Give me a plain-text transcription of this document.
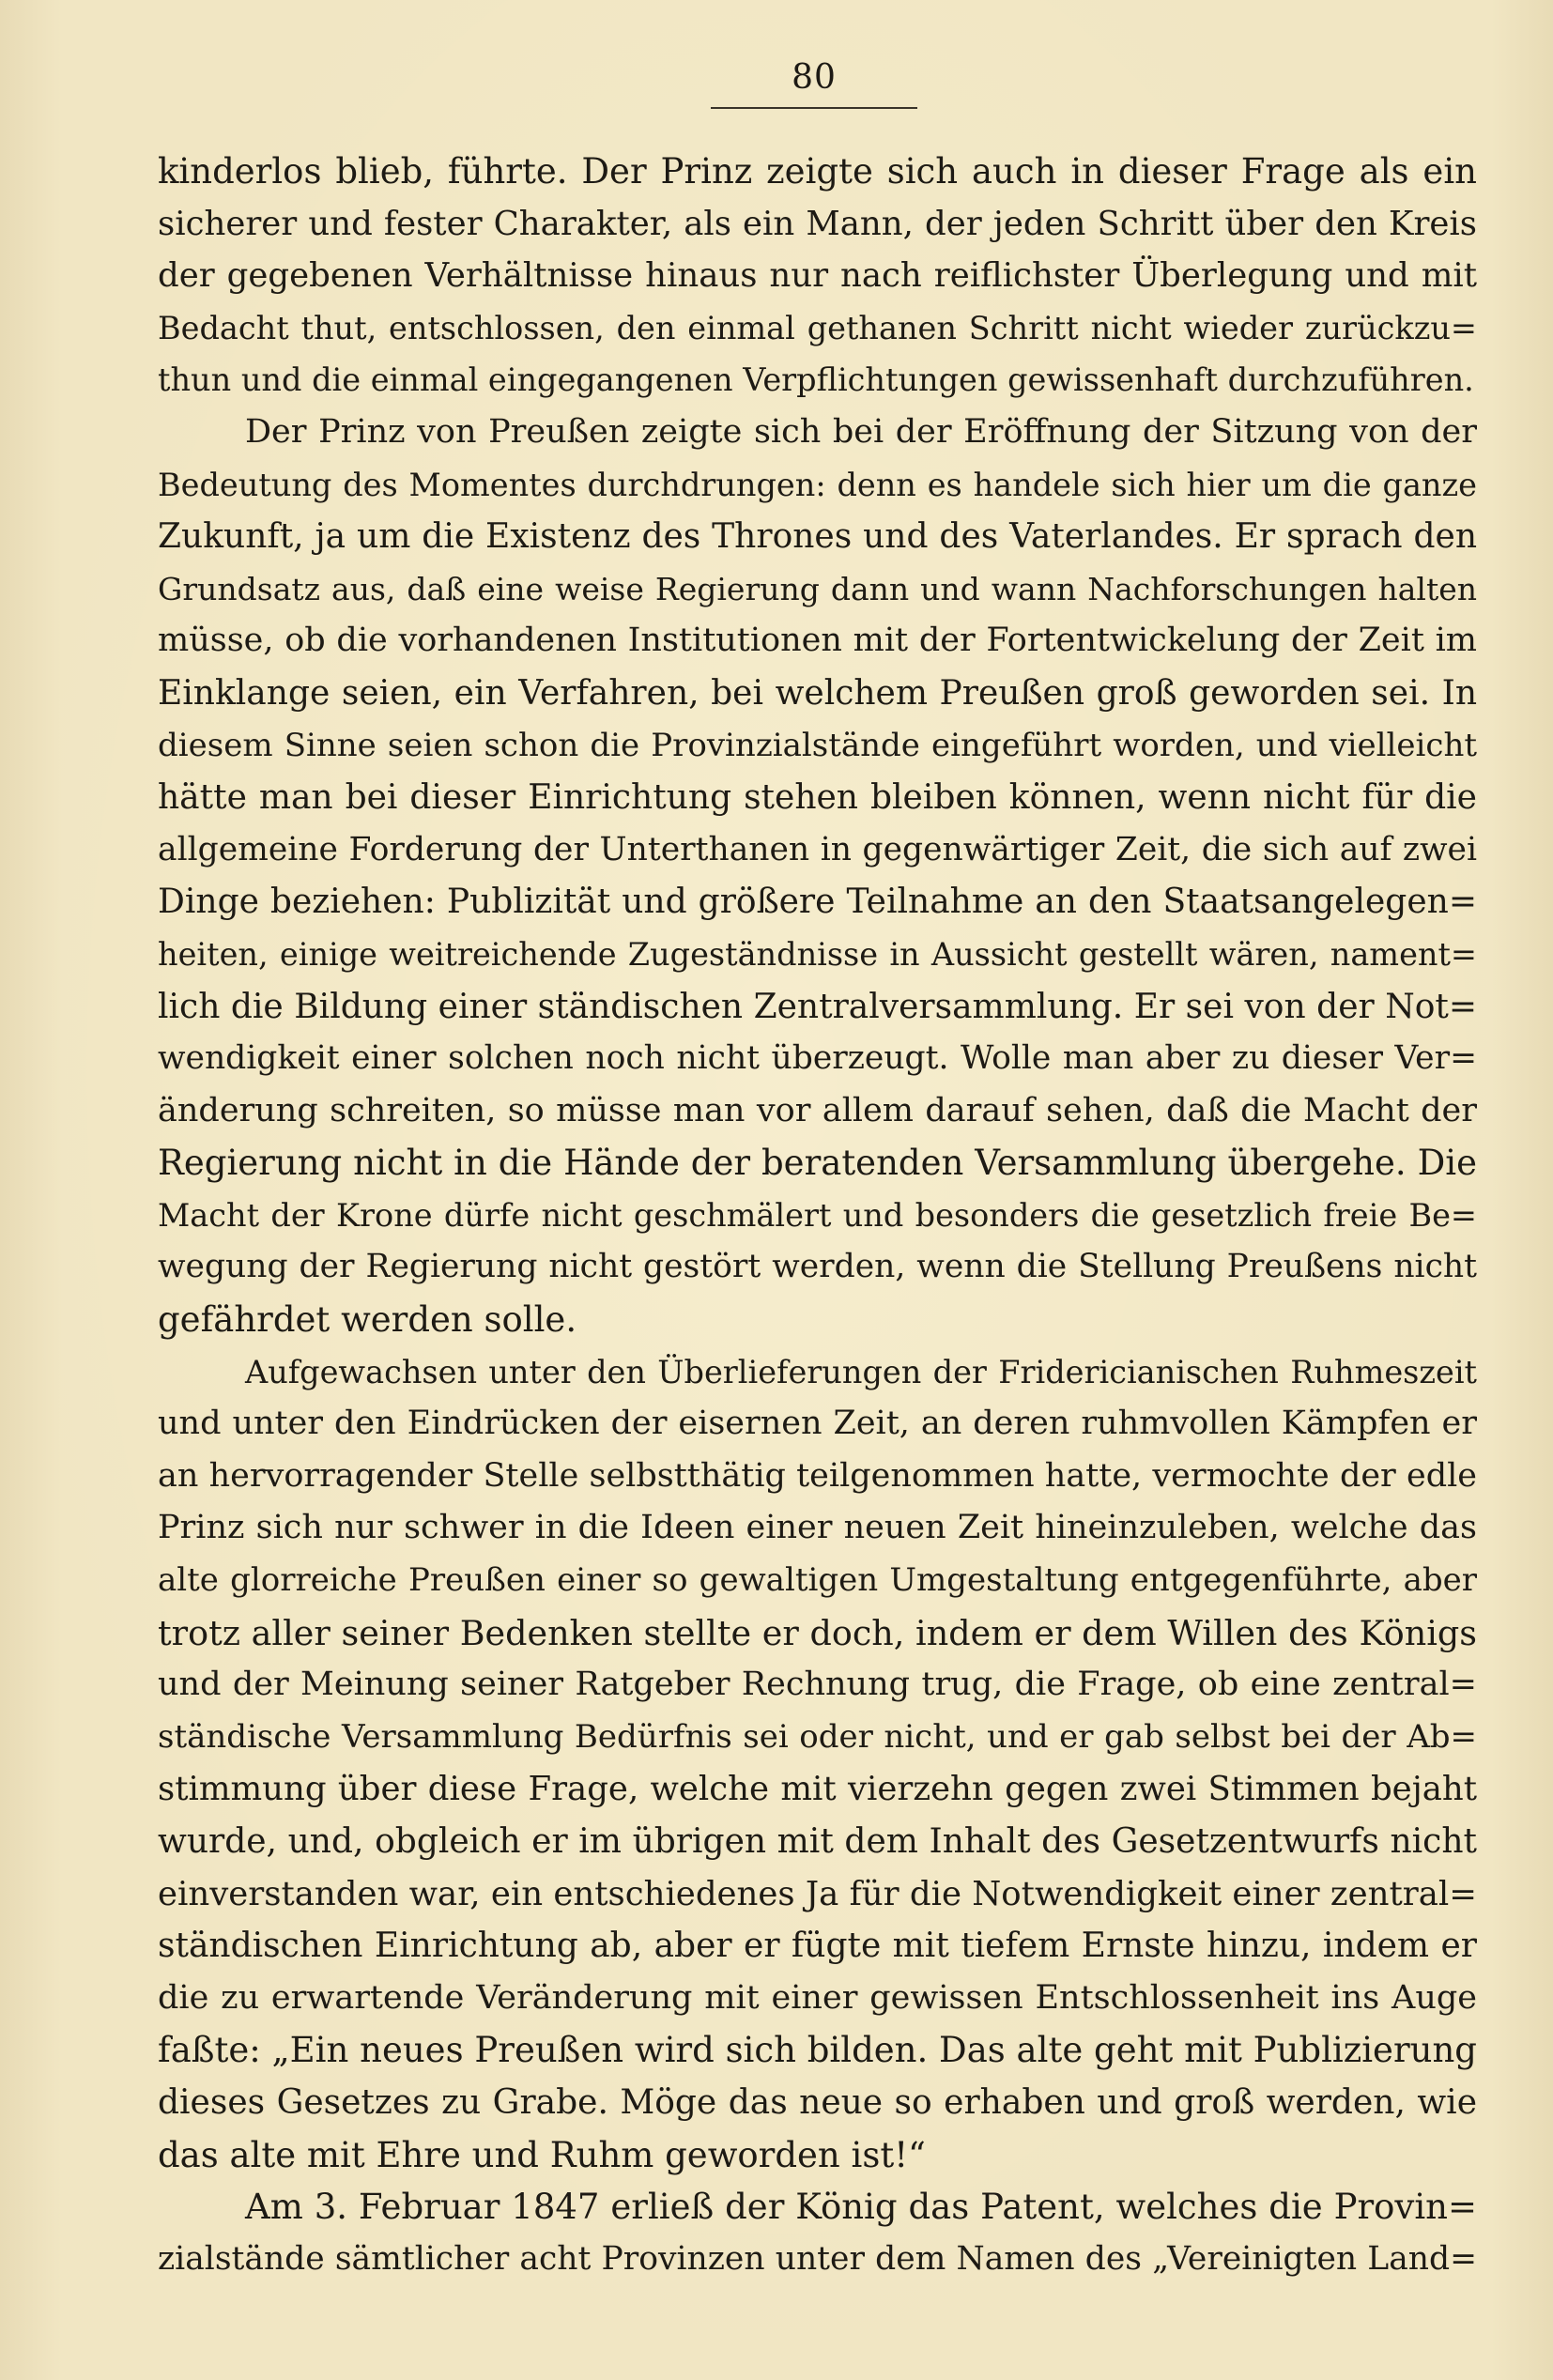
80
kinderlos blieb, führte. Der Prinz zeigte sich auch in dieser Frage als ein
sicherer und fester Charakter, als ein Mann, der jeden Schritt über den Kreis
der gegebenen Verhältnisse hinaus nur nach reiflichster Überlegung und mit
Bedacht thut, entschlossen, den einmal gethanen Schritt nicht wieder zurückzu=
thun und die einmal eingegangenen Verpflichtungen gewissenhaft durchzuführen.
Der Prinz von Preußen zeigte sich bei der Eröffnung der Sitzung von der
Bedeutung des Momentes durchdrungen: denn es handele sich hier um die ganze
Zukunft, ja um die Existenz des Thrones und des Vaterlandes. Er sprach den
Grundsatz aus, daß eine weise Regierung dann und wann Nachforschungen halten
müsse, ob die vorhandenen Institutionen mit der Fortentwickelung der Zeit im
Einklange seien, ein Verfahren, bei welchem Preußen groß geworden sei. In
diesem Sinne seien schon die Provinzialstände eingeführt worden, und vielleicht
hätte man bei dieser Einrichtung stehen bleiben können, wenn nicht für die
allgemeine Forderung der Unterthanen in gegenwärtiger Zeit, die sich auf zwei
Dinge beziehen: Publizität und größere Teilnahme an den Staatsangelegen=
heiten, einige weitreichende Zugeständnisse in Aussicht gestellt wären, nament=
lich die Bildung einer ständischen Zentralversammlung. Er sei von der Not=
wendigkeit einer solchen noch nicht überzeugt. Wolle man aber zu dieser Ver=
änderung schreiten, so müsse man vor allem darauf sehen, daß die Macht der
Regierung nicht in die Hände der beratenden Versammlung übergehe. Die
Macht der Krone dürfe nicht geschmälert und besonders die gesetzlich freie Be=
wegung der Regierung nicht gestört werden, wenn die Stellung Preußens nicht
gefährdet werden solle.
Aufgewachsen unter den Überlieferungen der Fridericianischen Ruhmeszeit
und unter den Eindrücken der eisernen Zeit, an deren ruhmvollen Kämpfen er
an hervorragender Stelle selbstthätig teilgenommen hatte, vermochte der edle
Prinz sich nur schwer in die Ideen einer neuen Zeit hineinzuleben, welche das
alte glorreiche Preußen einer so gewaltigen Umgestaltung entgegenführte, aber
trotz aller seiner Bedenken stellte er doch, indem er dem Willen des Königs
und der Meinung seiner Ratgeber Rechnung trug, die Frage, ob eine zentral=
ständische Versammlung Bedürfnis sei oder nicht, und er gab selbst bei der Ab=
stimmung über diese Frage, welche mit vierzehn gegen zwei Stimmen bejaht
wurde, und, obgleich er im übrigen mit dem Inhalt des Gesetzentwurfs nicht
einverstanden war, ein entschiedenes Ja für die Notwendigkeit einer zentral=
ständischen Einrichtung ab, aber er fügte mit tiefem Ernste hinzu, indem er
die zu erwartende Veränderung mit einer gewissen Entschlossenheit ins Auge
faßte: „Ein neues Preußen wird sich bilden. Das alte geht mit Publizierung
dieses Gesetzes zu Grabe. Möge das neue so erhaben und groß werden, wie
das alte mit Ehre und Ruhm geworden ist!“
Am 3. Februar 1847 erließ der König das Patent, welches die Provin=
zialstände sämtlicher acht Provinzen unter dem Namen des „Vereinigten Land=
